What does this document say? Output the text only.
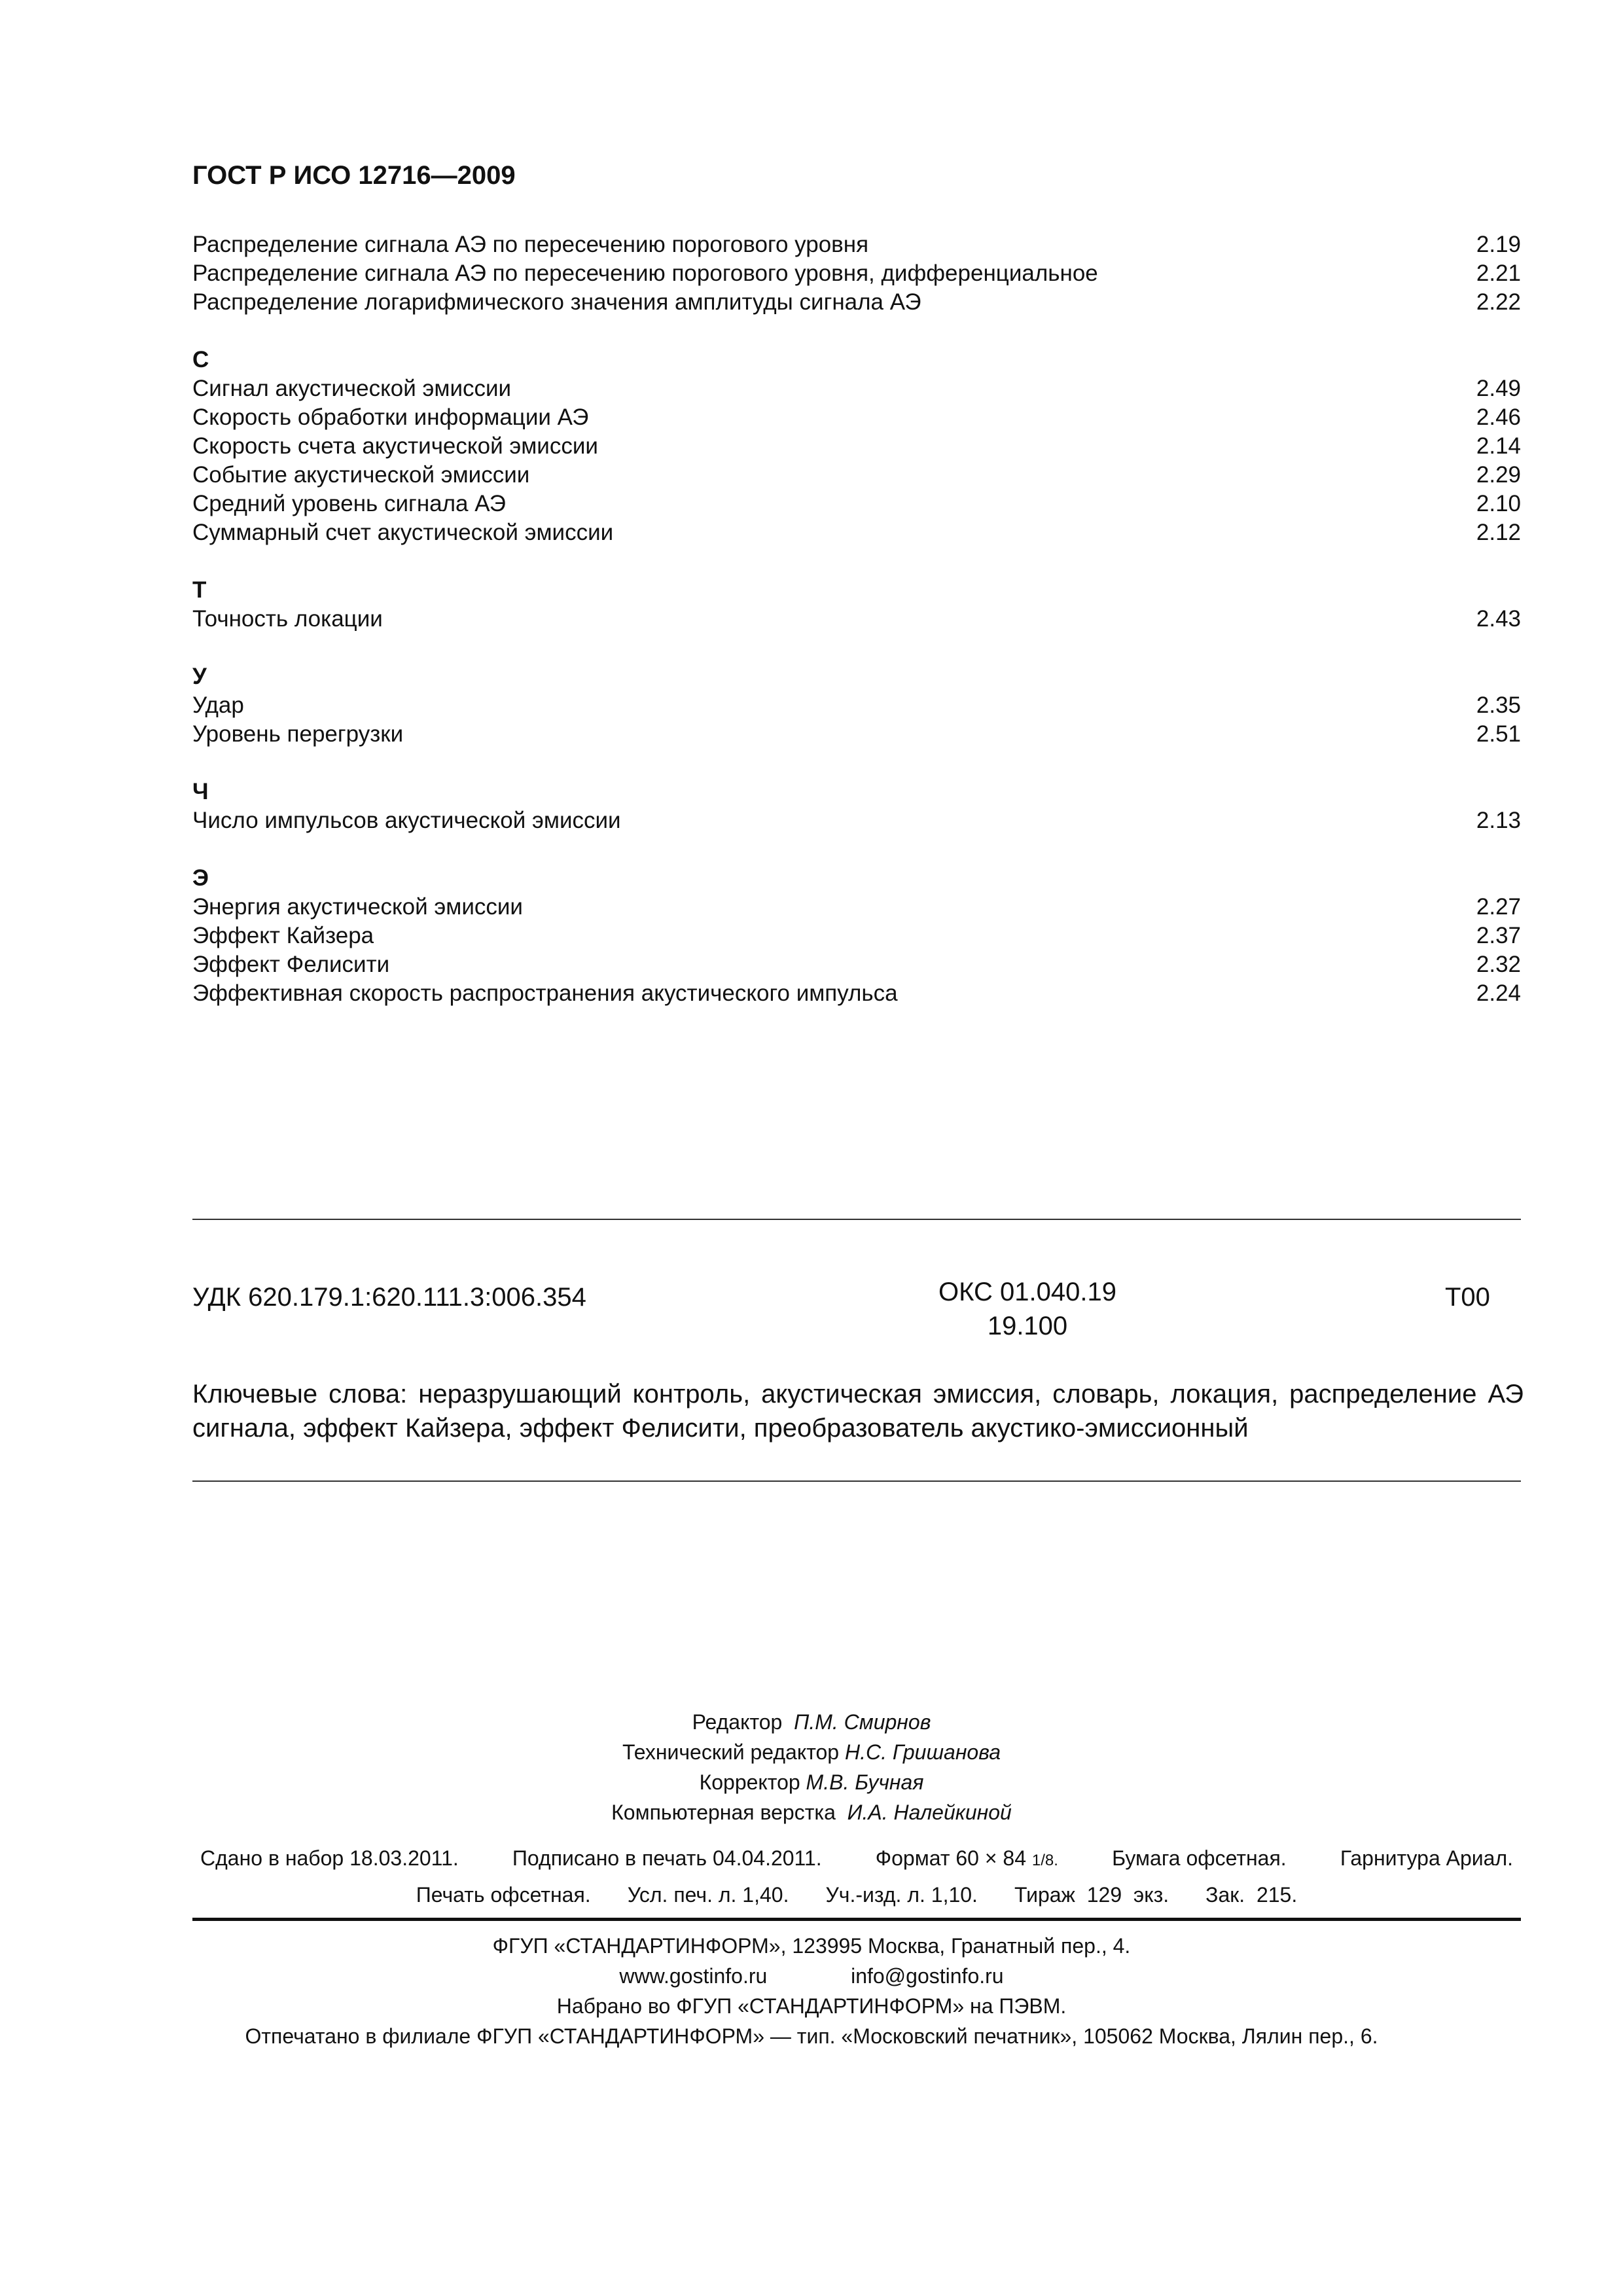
ГОСТ Р ИСО 12716—2009
Распределение сигнала АЭ по пересечению порогового уровня	2.19
Распределение сигнала АЭ по пересечению порогового уровня, дифференциальное	2.21
Распределение логарифмического значения амплитуды сигнала АЭ	2.22
С
Сигнал акустической эмиссии	2.49
Скорость обработки информации АЭ	2.46
Скорость счета акустической эмиссии	2.14
Событие акустической эмиссии	2.29
Средний уровень сигнала АЭ	2.10
Суммарный счет акустической эмиссии	2.12
Т
Точность локации	2.43
У
Удар	2.35
Уровень перегрузки	2.51
Ч
Число импульсов акустической эмиссии	2.13
Э
Энергия акустической эмиссии	2.27
Эффект Кайзера	2.37
Эффект Фелисити	2.32
Эффективная скорость распространения акустического импульса	2.24
УДК 620.179.1:620.111.3:006.354	ОКС 01.040.19
19.100
Т00
Ключевые слова: неразрушающий контроль, акустическая эмиссия, словарь, локация, распределение АЭ сигнала, эффект Кайзера, эффект Фелисити, преобразователь акустико-эмиссионный
Редактор П.М. Смирнов
Технический редактор Н.С. Гришанова
Корректор М.В. Бучная
Компьютерная верстка И.А. Налейкиной
Сдано в набор 18.03.2011.	Подписано в печать 04.04.2011.	Формат 60 × 84 1/8.	Бумага офсетная.	Гарнитура Ариал.
Печать офсетная. Усл. печ. л. 1,40. Уч.-изд. л. 1,10. Тираж  129  экз. Зак.  215.
ФГУП «СТАНДАРТИНФОРМ», 123995 Москва, Гранатный пер., 4.
www.gostinfo.ru	info@gostinfo.ru
Набрано во ФГУП «СТАНДАРТИНФОРМ» на ПЭВМ.
Отпечатано в филиале ФГУП «СТАНДАРТИНФОРМ» — тип. «Московский печатник», 105062 Москва, Лялин пер., 6.
